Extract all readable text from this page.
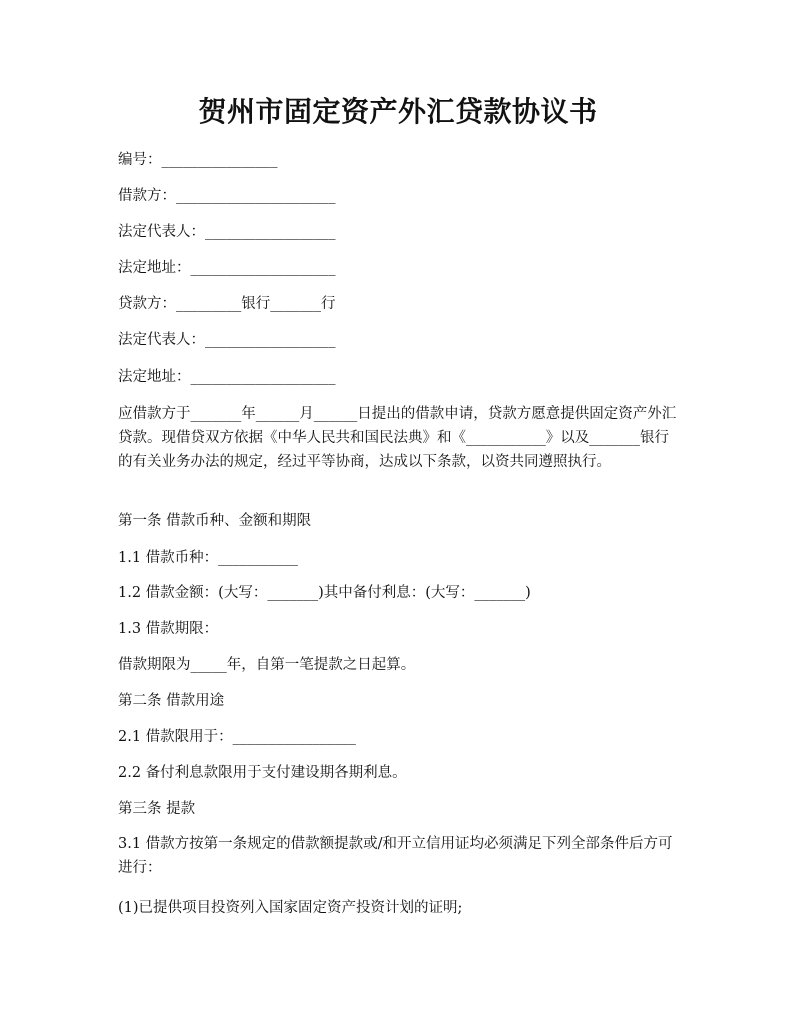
贺州市固定资产外汇贷款协议书
编号：________________
借款方：______________________
法定代表人：__________________
法定地址：____________________
贷款方：_________银行_______行
法定代表人：__________________
法定地址：____________________
应借款方于_______年______月______日提出的借款申请，贷款方愿意提供固定资产外汇贷款。现借贷双方依据《中华人民共和国民法典》和《___________》以及_______银行的有关业务办法的规定，经过平等协商，达成以下条款，以资共同遵照执行。
第一条 借款币种、金额和期限
1.1 借款币种：___________
1.2 借款金额：(大写：_______)其中备付利息：(大写：_______)
1.3 借款期限：
借款期限为_____年，自第一笔提款之日起算。
第二条 借款用途
2.1 借款限用于：_________________
2.2 备付利息款限用于支付建设期各期利息。
第三条 提款
3.1 借款方按第一条规定的借款额提款或/和开立信用证均必须满足下列全部条件后方可进行：
(1)已提供项目投资列入国家固定资产投资计划的证明;
